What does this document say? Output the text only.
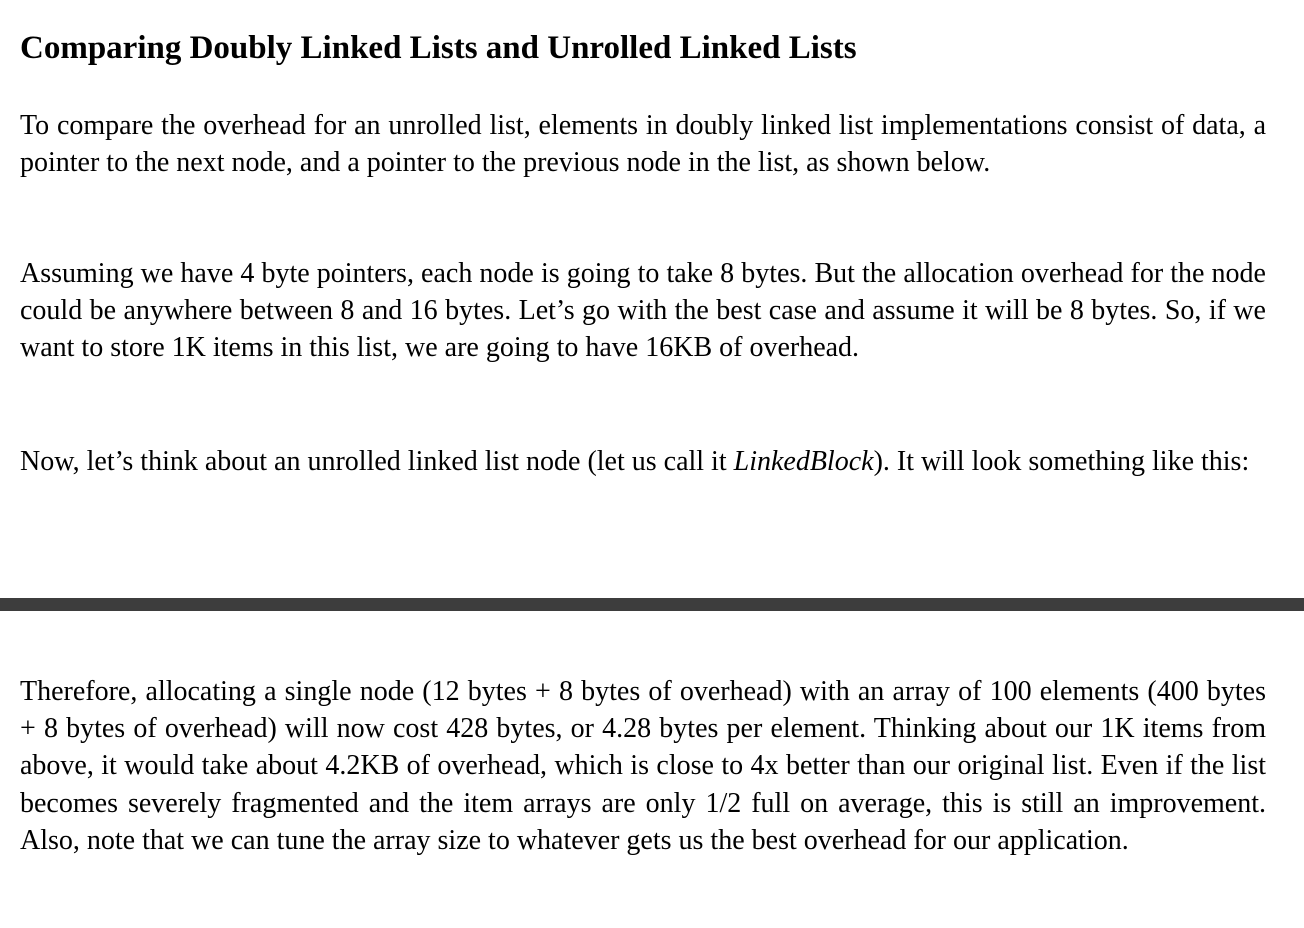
Comparing Doubly Linked Lists and Unrolled Linked Lists

To compare the overhead for an unrolled list, elements in doubly linked list implementations consist of data, a pointer to the next node, and a pointer to the previous node in the list, as shown below.

Assuming we have 4 byte pointers, each node is going to take 8 bytes. But the allocation overhead for the node could be anywhere between 8 and 16 bytes. Let’s go with the best case and assume it will be 8 bytes. So, if we want to store 1K items in this list, we are going to have 16KB of overhead.

Now, let’s think about an unrolled linked list node (let us call it LinkedBlock). It will look something like this:

Therefore, allocating a single node (12 bytes + 8 bytes of overhead) with an array of 100 elements (400 bytes + 8 bytes of overhead) will now cost 428 bytes, or 4.28 bytes per element. Thinking about our 1K items from above, it would take about 4.2KB of overhead, which is close to 4x better than our original list. Even if the list becomes severely fragmented and the item arrays are only 1/2 full on average, this is still an improvement. Also, note that we can tune the array size to whatever gets us the best overhead for our application.
